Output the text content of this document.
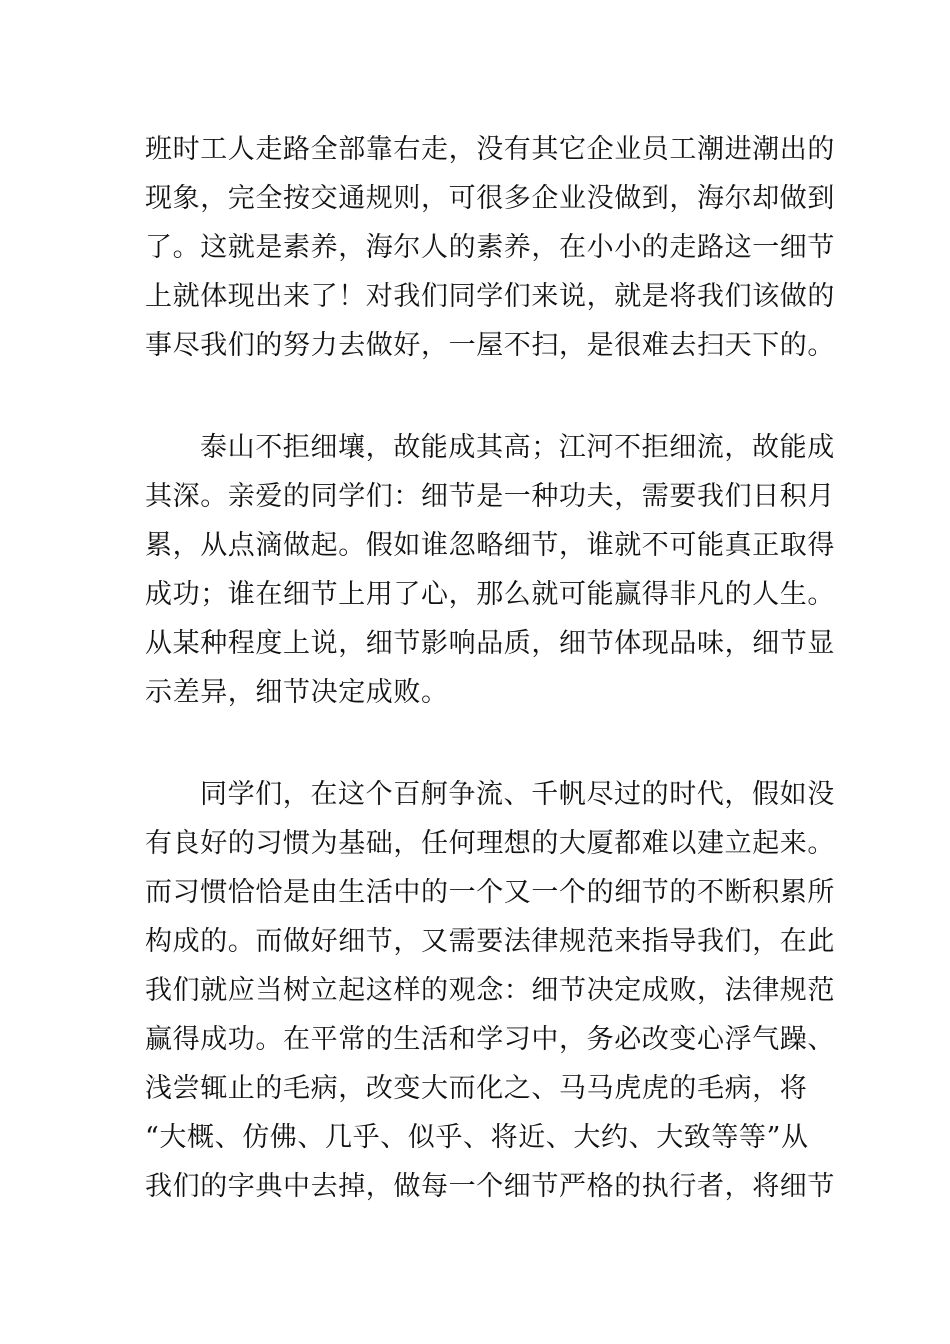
班时工人走路全部靠右走，没有其它企业员工潮进潮出的
现象，完全按交通规则，可很多企业没做到，海尔却做到
了。这就是素养，海尔人的素养，在小小的走路这一细节
上就体现出来了！对我们同学们来说，就是将我们该做的
事尽我们的努力去做好，一屋不扫，是很难去扫天下的。
泰山不拒细壤，故能成其高；江河不拒细流，故能成
其深。亲爱的同学们：细节是一种功夫，需要我们日积月
累，从点滴做起。假如谁忽略细节，谁就不可能真正取得
成功；谁在细节上用了心，那么就可能赢得非凡的人生。
从某种程度上说，细节影响品质，细节体现品味，细节显
示差异，细节决定成败。
同学们，在这个百舸争流、千帆尽过的时代，假如没
有良好的习惯为基础，任何理想的大厦都难以建立起来。
而习惯恰恰是由生活中的一个又一个的细节的不断积累所
构成的。而做好细节，又需要法律规范来指导我们，在此
我们就应当树立起这样的观念：细节决定成败，法律规范
赢得成功。在平常的生活和学习中，务必改变心浮气躁、
浅尝辄止的毛病，改变大而化之、马马虎虎的毛病，将
“大概、仿佛、几乎、似乎、将近、大约、大致等等”从
我们的字典中去掉，做每一个细节严格的执行者，将细节
